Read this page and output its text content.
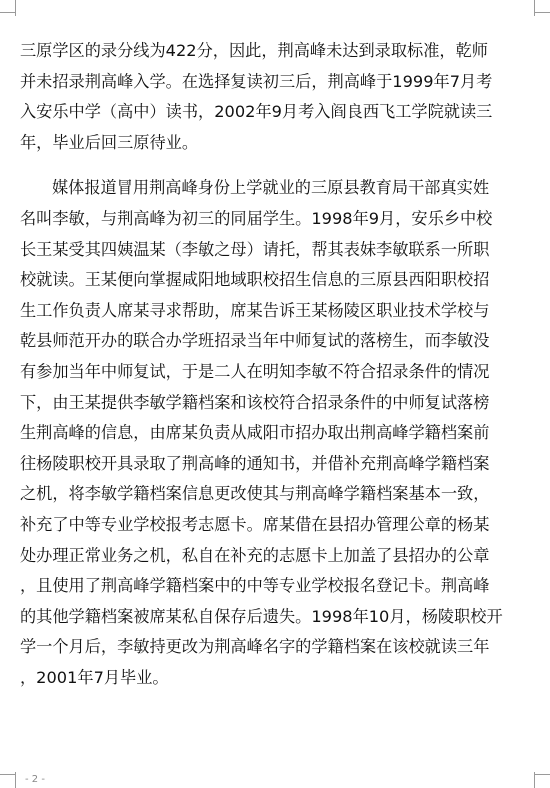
三原学区的录分线为422分，因此，荆高峰未达到录取标准，乾师
并未招录荆高峰入学。在选择复读初三后，荆高峰于1999年7月考
入安乐中学（高中）读书，2002年9月考入阎良西飞工学院就读三
年，毕业后回三原待业。

媒体报道冒用荆高峰身份上学就业的三原县教育局干部真实姓
名叫李敏，与荆高峰为初三的同届学生。1998年9月，安乐乡中校
长王某受其四姨温某（李敏之母）请托，帮其表妹李敏联系一所职
校就读。王某便向掌握咸阳地域职校招生信息的三原县西阳职校招
生工作负责人席某寻求帮助，席某告诉王某杨陵区职业技术学校与
乾县师范开办的联合办学班招录当年中师复试的落榜生，而李敏没
有参加当年中师复试，于是二人在明知李敏不符合招录条件的情况
下，由王某提供李敏学籍档案和该校符合招录条件的中师复试落榜
生荆高峰的信息，由席某负责从咸阳市招办取出荆高峰学籍档案前
往杨陵职校开具录取了荆高峰的通知书，并借补充荆高峰学籍档案
之机，将李敏学籍档案信息更改使其与荆高峰学籍档案基本一致，
补充了中等专业学校报考志愿卡。席某借在县招办管理公章的杨某
处办理正常业务之机，私自在补充的志愿卡上加盖了县招办的公章
，且使用了荆高峰学籍档案中的中等专业学校报名登记卡。荆高峰
的其他学籍档案被席某私自保存后遗失。1998年10月，杨陵职校开
学一个月后，李敏持更改为荆高峰名字的学籍档案在该校就读三年
，2001年7月毕业。

- 2 -
